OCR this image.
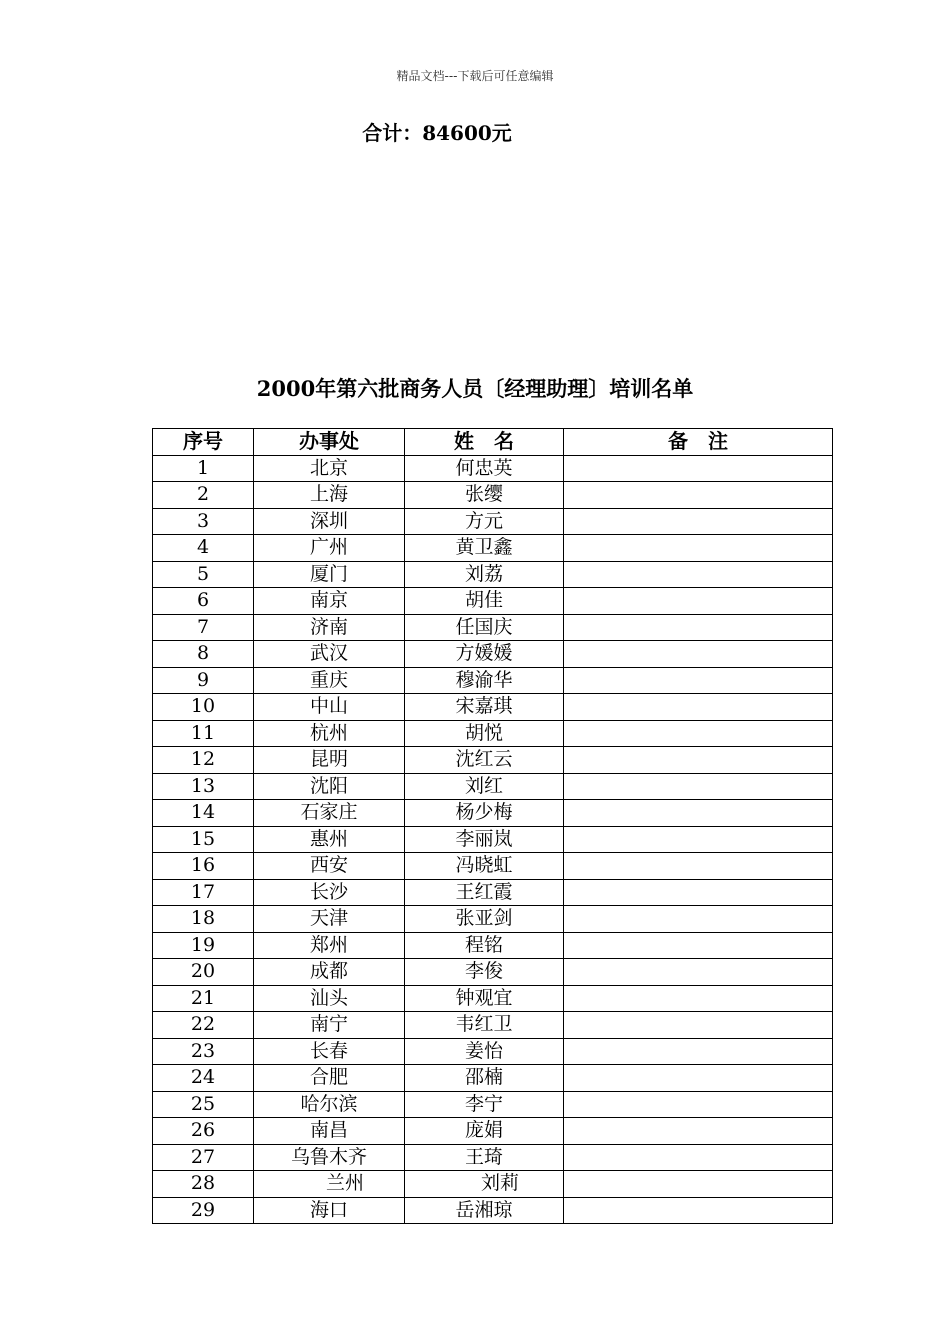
精品文档---下载后可任意编辑
合计：84600元
2000年第六批商务人员〔经理助理〕培训名单
序号	办事处	姓　名	备　注
1	北京	何忠英	
2	上海	张缨	
3	深圳	方元	
4	广州	黄卫鑫	
5	厦门	刘荔	
6	南京	胡佳	
7	济南	任国庆	
8	武汉	方媛媛	
9	重庆	穆渝华	
10	中山	宋嘉琪	
11	杭州	胡悦	
12	昆明	沈红云	
13	沈阳	刘红	
14	石家庄	杨少梅	
15	惠州	李丽岚	
16	西安	冯晓虹	
17	长沙	王红霞	
18	天津	张亚剑	
19	郑州	程铭	
20	成都	李俊	
21	汕头	钟观宜	
22	南宁	韦红卫	
23	长春	姜怡	
24	合肥	邵楠	
25	哈尔滨	李宁	
26	南昌	庞娟	
27	乌鲁木齐	王琦	
28	兰州	刘莉	
29	海口	岳湘琼	
